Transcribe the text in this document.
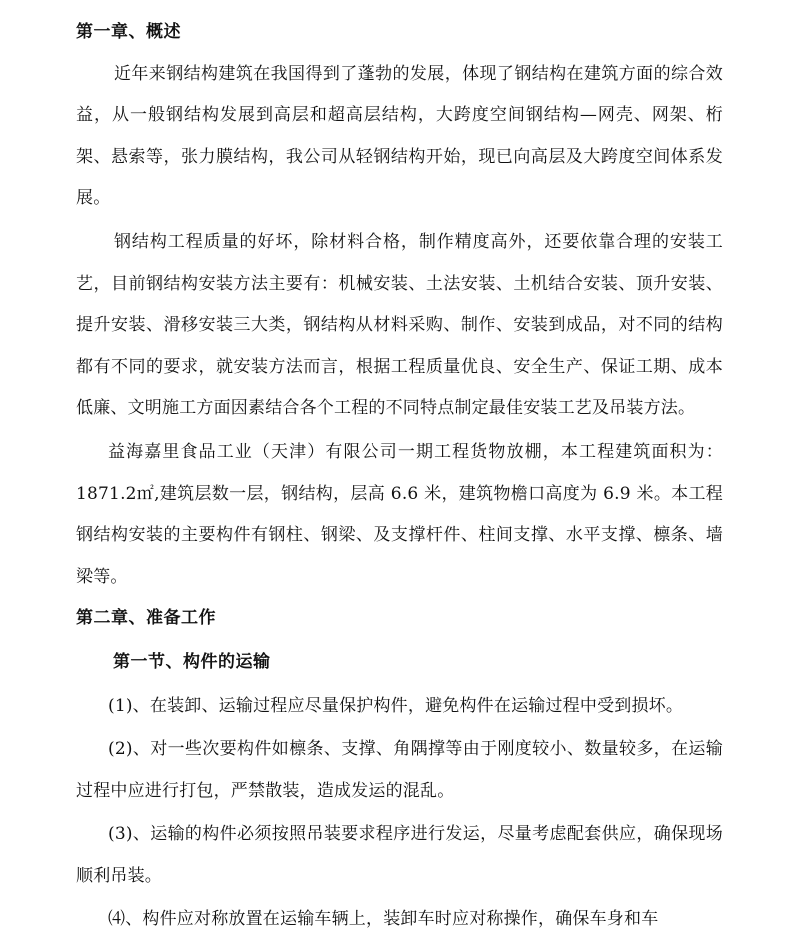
第一章、概述

近年来钢结构建筑在我国得到了蓬勃的发展，体现了钢结构在建筑方面的综合效益，从一般钢结构发展到高层和超高层结构，大跨度空间钢结构—网壳、网架、桁架、悬索等，张力膜结构，我公司从轻钢结构开始，现已向高层及大跨度空间体系发展。

钢结构工程质量的好坏，除材料合格，制作精度高外，还要依靠合理的安装工艺，目前钢结构安装方法主要有：机械安装、土法安装、土机结合安装、顶升安装、提升安装、滑移安装三大类，钢结构从材料采购、制作、安装到成品，对不同的结构都有不同的要求，就安装方法而言，根据工程质量优良、安全生产、保证工期、成本低廉、文明施工方面因素结合各个工程的不同特点制定最佳安装工艺及吊装方法。

益海嘉里食品工业（天津）有限公司一期工程货物放棚，本工程建筑面积为：1871.2㎡,建筑层数一层，钢结构，层高 6.6 米，建筑物檐口高度为 6.9 米。本工程钢结构安装的主要构件有钢柱、钢梁、及支撑杆件、柱间支撑、水平支撑、檩条、墙梁等。

第二章、准备工作
第一节、构件的运输

(1)、在装卸、运输过程应尽量保护构件，避免构件在运输过程中受到损坏。

(2)、对一些次要构件如檩条、支撑、角隅撑等由于刚度较小、数量较多，在运输过程中应进行打包，严禁散装，造成发运的混乱。

(3)、运输的构件必须按照吊装要求程序进行发运，尽量考虑配套供应，确保现场顺利吊装。

⑷、构件应对称放置在运输车辆上，装卸车时应对称操作，确保车身和车
